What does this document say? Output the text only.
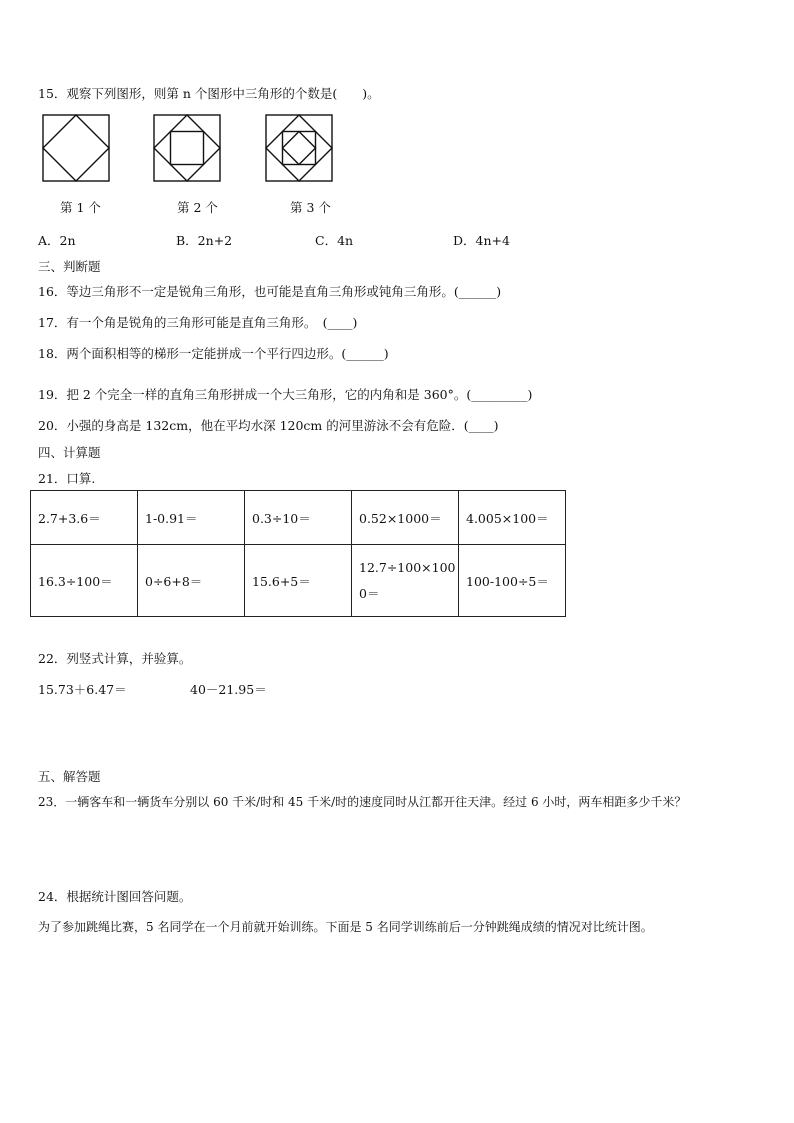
15．观察下列图形，则第 n 个图形中三角形的个数是(　　)。
第 1 个	第 2 个	第 3 个
A．2n	B．2n+2	C．4n	D．4n+4
三、判断题
16．等边三角形不一定是锐角三角形，也可能是直角三角形或钝角三角形。(______)
17．有一个角是锐角的三角形可能是直角三角形。　(____)
18．两个面积相等的梯形一定能拼成一个平行四边形。(______)
19．把 2 个完全一样的直角三角形拼成一个大三角形，它的内角和是 360°。(_________)
20．小强的身高是 132cm，他在平均水深 120cm 的河里游泳不会有危险．(____)
四、计算题
21．口算.
2.7+3.6＝	1-0.91＝	0.3÷10＝	0.52×1000＝	4.005×100＝
16.3÷100＝	0÷6+8＝	15.6+5＝	12.7÷100×1000＝	100-100÷5＝
22．列竖式计算，并验算。
15.73＋6.47＝	40－21.95＝
五、解答题
23．一辆客车和一辆货车分别以 60 千米/时和 45 千米/时的速度同时从江都开往天津。经过 6 小时，两车相距多少千米？
24．根据统计图回答问题。
为了参加跳绳比赛，5 名同学在一个月前就开始训练。下面是 5 名同学训练前后一分钟跳绳成绩的情况对比统计图。
